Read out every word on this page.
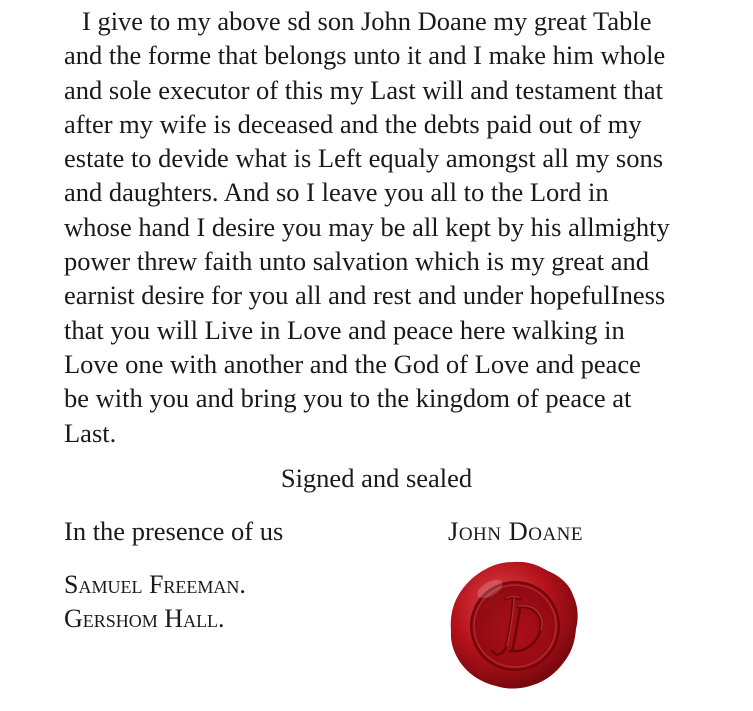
I give to my above sd son John Doane my great Table
and the forme that belongs unto it and I make him whole
and sole executor of this my Last will and testament that
after my wife is deceased and the debts paid out of my
estate to devide what is Left equaly amongst all my sons
and daughters. And so I leave you all to the Lord in
whose hand I desire you may be all kept by his allmighty
power threw faith unto salvation which is my great and
earnist desire for you all and rest and under hopefulIness
that you will Live in Love and peace here walking in
Love one with another and the God of Love and peace
be with you and bring you to the kingdom of peace at
Last.

Signed and sealed
In the presence of us	John Doane
Samuel Freeman.
Gershom Hall.
